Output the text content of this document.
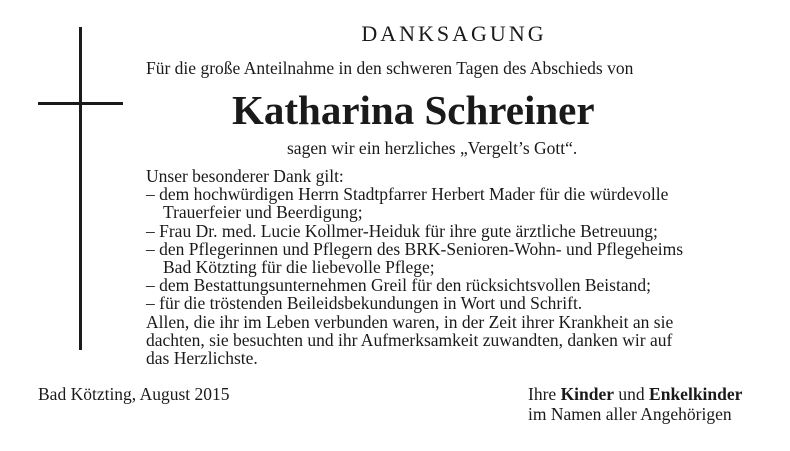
DANKSAGUNG
Für die große Anteilnahme in den schweren Tagen des Abschieds von
Katharina Schreiner
sagen wir ein herzliches „Vergelt’s Gott“.
Unser besonderer Dank gilt:
– dem hochwürdigen Herrn Stadtpfarrer Herbert Mader für die würdevolle
Trauerfeier und Beerdigung;
– Frau Dr. med. Lucie Kollmer-Heiduk für ihre gute ärztliche Betreuung;
– den Pflegerinnen und Pflegern des BRK-Senioren-Wohn- und Pflegeheims
Bad Kötzting für die liebevolle Pflege;
– dem Bestattungsunternehmen Greil für den rücksichtsvollen Beistand;
– für die tröstenden Beileidsbekundungen in Wort und Schrift.
Allen, die ihr im Leben verbunden waren, in der Zeit ihrer Krankheit an sie
dachten, sie besuchten und ihr Aufmerksamkeit zuwandten, danken wir auf
das Herzlichste.
Bad Kötzting, August 2015	Ihre Kinder und Enkelkinder
im Namen aller Angehörigen
